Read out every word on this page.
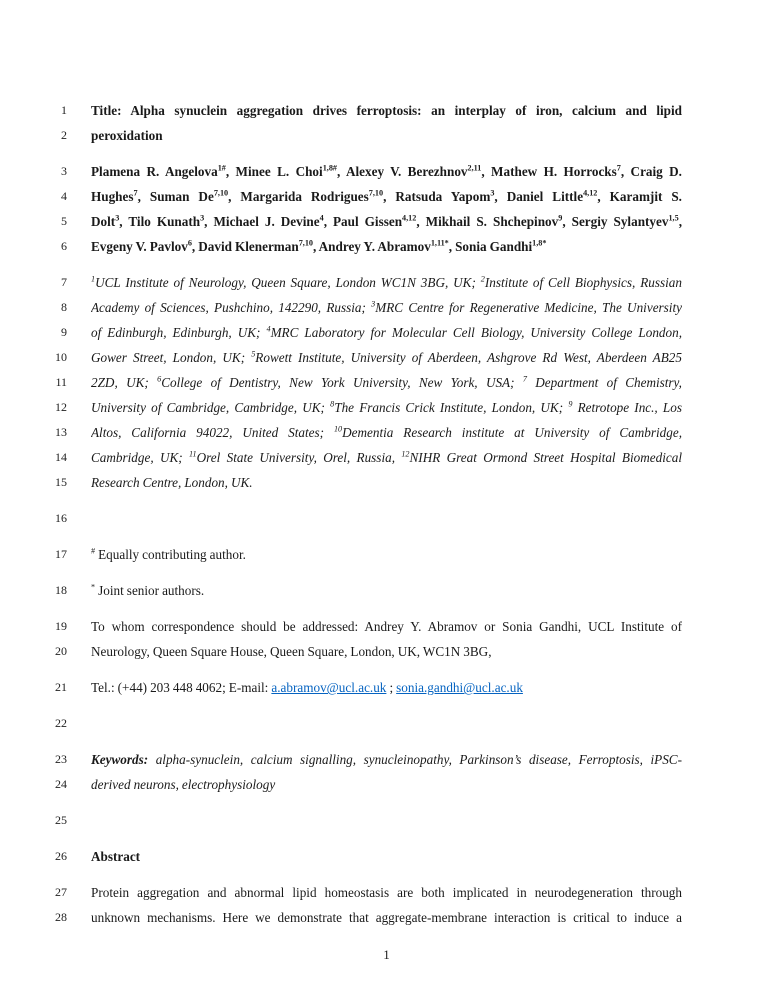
1 Title: Alpha synuclein aggregation drives ferroptosis: an interplay of iron, calcium and lipid
2 peroxidation
3 Plamena R. Angelova$^{1\#}$, Minee L. Choi$^{1,8\#}$, Alexey V. Berezhnov$^{2,11}$, Mathew H. Horrocks$^7$, Craig D.
4 Hughes$^7$, Suman De$^{7,10}$, Margarida Rodrigues$^{7,10}$, Ratsuda Yapom$^3$, Daniel Little$^{4,12}$, Karamjit S.
5 Dolt$^3$, Tilo Kunath$^3$, Michael J. Devine$^4$, Paul Gissen$^{4,12}$, Mikhail S. Shchepinov$^9$, Sergiy Sylantyev$^{1,5}$,
6 Evgeny V. Pavlov$^6$, David Klenerman$^{7,10}$, Andrey Y. Abramov$^{1,11*}$, Sonia Gandhi$^{1,8*}$
7	$^1$UCL Institute of Neurology, Queen Square, London WC1N 3BG, UK; $^2$Institute of Cell Biophysics, Russian
8 Academy of Sciences, Pushchino, 142290, Russia; $^3$MRC Centre for Regenerative Medicine, The University
9 of Edinburgh, Edinburgh, UK; $^4$MRC Laboratory for Molecular Cell Biology, University College London,
10 Gower Street, London, UK; $^5$Rowett Institute, University of Aberdeen, Ashgrove Rd West, Aberdeen AB25
11 2ZD, UK; $^6$College of Dentistry, New York University, New York, USA; $^7$ Department of Chemistry,
12 University of Cambridge, Cambridge, UK; $^8$The Francis Crick Institute, London, UK; $^9$ Retrotope Inc., Los
13 Altos, California 94022, United States; $^{10}$Dementia Research institute at University of Cambridge,
14 Cambridge, UK; $^{11}$Orel State University, Orel, Russia, $^{12}$NIHR Great Ormond Street Hospital Biomedical
15 Research Centre, London, UK.
16
17	# Equally contributing author.
18	* Joint senior authors.
19 To whom correspondence should be addressed: Andrey Y. Abramov or Sonia Gandhi, UCL Institute of
20 Neurology, Queen Square House, Queen Square, London, UK, WC1N 3BG,
21 Tel.: (+44) 203 448 4062; E-mail: a.abramov@ucl.ac.uk ; sonia.gandhi@ucl.ac.uk
22
23 Keywords: alpha-synuclein, calcium signalling, synucleinopathy, Parkinson’s disease, Ferroptosis, iPSC-
24 derived neurons, electrophysiology
25
26 Abstract
27 Protein aggregation and abnormal lipid homeostasis are both implicated in neurodegeneration through
28 unknown mechanisms. Here we demonstrate that aggregate-membrane interaction is critical to induce a
1
